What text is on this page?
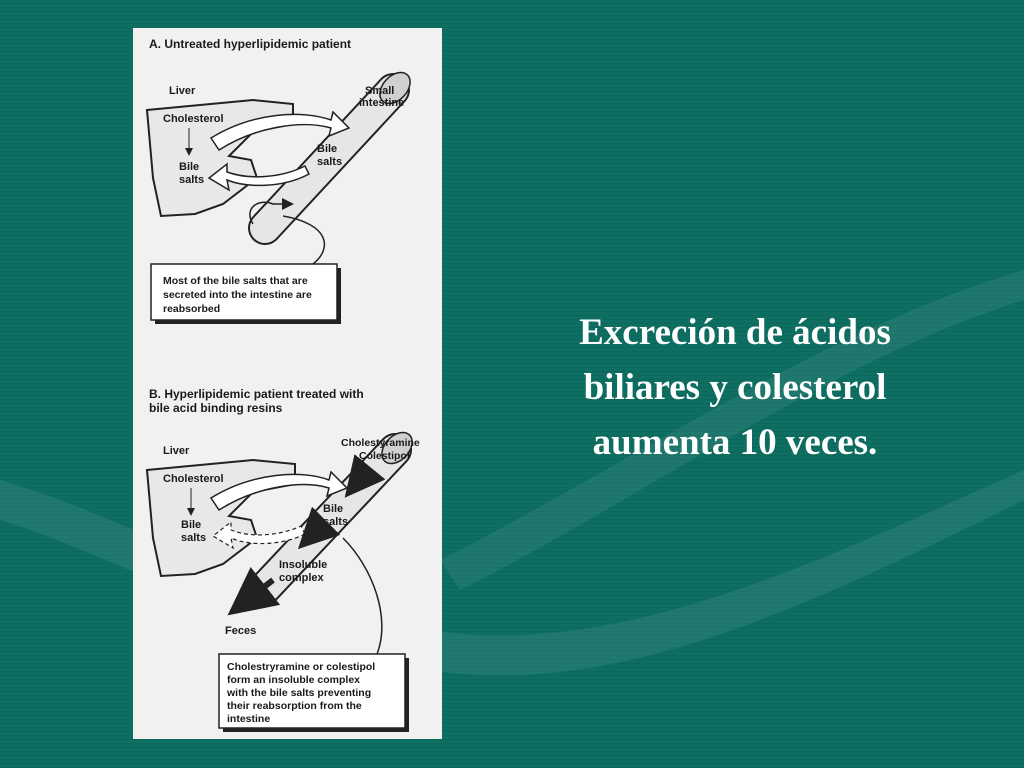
A. Untreated hyperlipidemic patient
Liver
Cholesterol
Bile
salts
Small
intestine
Bile
salts
Most of the bile salts that are
secreted into the intestine are
reabsorbed
B. Hyperlipidemic patient treated with
bile acid binding resins
Liver
Cholesterol
Bile
salts
Cholestyramine
Colestipol
Bile
salts
Insoluble
complex
Feces
Cholestryramine or colestipol
form an insoluble complex
with the bile salts preventing
their reabsorption from the
intestine
Excreción de ácidos
biliares y colesterol
aumenta 10 veces.
